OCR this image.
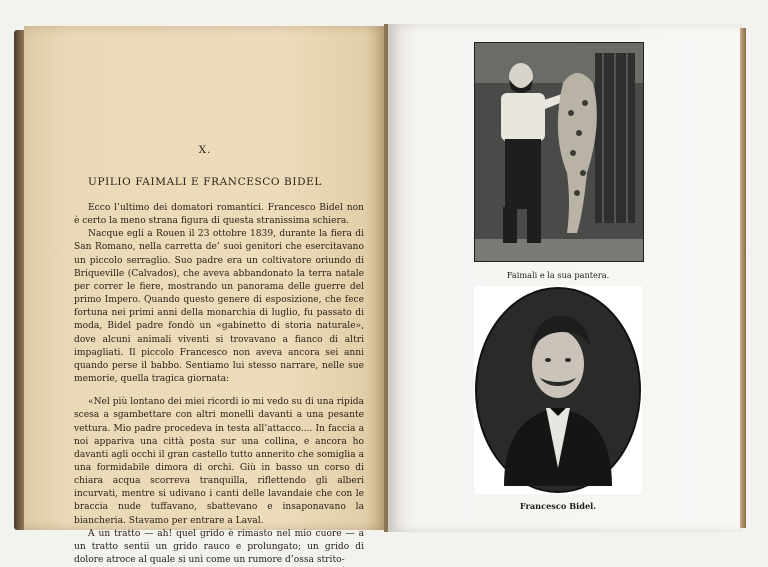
X.
UPILIO FAIMALI E FRANCESCO BIDEL

Ecco l’ultimo dei domatori romantici. Francesco Bidel non è certo la meno strana figura di questa stranissima schiera.

Nacque egli a Rouen il 23 ottobre 1839, durante la fiera di San Romano, nella carretta de’ suoi genitori che esercitavano un piccolo serraglio. Suo padre era un coltivatore oriundo di Briqueville (Calvados), che aveva abbandonato la terra natale per correr le fiere, mostrando un panorama delle guerre del primo Impero. Quando questo genere di esposizione, che fece fortuna nei primi anni della monarchia di luglio, fu passato di moda, Bidel padre fondò un «gabinetto di storia naturale», dove alcuni animali viventi si trovavano a fianco di altri impagliati. Il piccolo Francesco non aveva ancora sei anni quando perse il babbo. Sentiamo lui stesso narrare, nelle sue memorie, quella tragica giornata:

«Nel più lontano dei miei ricordi io mi vedo su di una ripida scesa a sgambettare con altri monelli davanti a una pesante vettura. Mio padre procedeva in testa all’attacco.... In faccia a noi appariva una città posta sur una collina, e ancora ho davanti agli occhi il gran castello tutto annerito che somiglia a una formidabile dimora di orchi. Giù in basso un corso di chiara acqua scorreva tranquilla, riflettendo gli alberi incurvati, mentre si udivano i canti delle lavandaie che con le braccia nude tuffavano, sbattevano e insaponavano la biancheria. Stavamo per entrare a Laval.

A un tratto — ah! quel grido è rimasto nel mio cuore — a un tratto sentii un grido rauco e prolungato; un grido di dolore atroce al quale si unì come un rumore d’ossa strito-

Faimali e la sua pantera.
Francesco Bidel.
